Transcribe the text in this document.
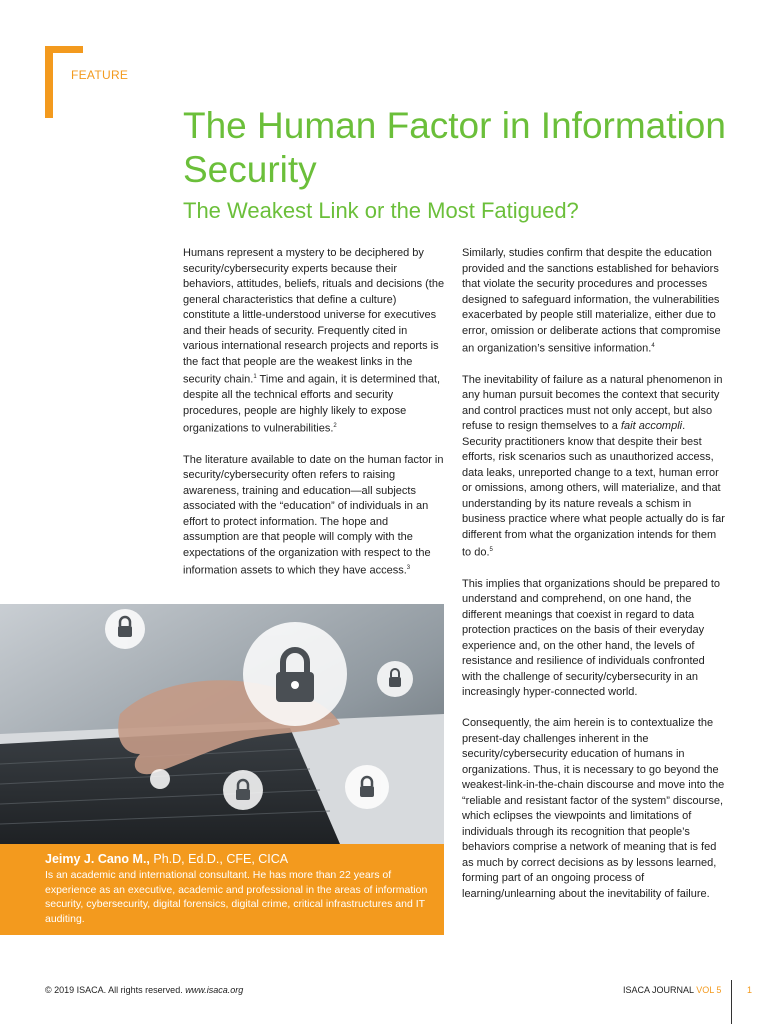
FEATURE
The Human Factor in Information Security
The Weakest Link or the Most Fatigued?

Humans represent a mystery to be deciphered by security/cybersecurity experts because their behaviors, attitudes, beliefs, rituals and decisions (the general characteristics that define a culture) constitute a little-understood universe for executives and their heads of security. Frequently cited in various international research projects and reports is the fact that people are the weakest links in the security chain.$^1$ Time and again, it is determined that, despite all the technical efforts and security procedures, people are highly likely to expose organizations to vulnerabilities.$^2$

The literature available to date on the human factor in security/cybersecurity often refers to raising awareness, training and education—all subjects associated with the “education” of individuals in an effort to protect information. The hope and assumption are that people will comply with the expectations of the organization with respect to the information assets to which they have access.$^3$

Similarly, studies confirm that despite the education provided and the sanctions established for behaviors that violate the security procedures and processes designed to safeguard information, the vulnerabilities exacerbated by people still materialize, either due to error, omission or deliberate actions that compromise an organization’s sensitive information.$^4$

The inevitability of failure as a natural phenomenon in any human pursuit becomes the context that security and control practices must not only accept, but also refuse to resign themselves to a fait accompli. Security practitioners know that despite their best efforts, risk scenarios such as unauthorized access, data leaks, unreported change to a text, human error or omissions, among others, will materialize, and that understanding by its nature reveals a schism in business practice where what people actually do is far different from what the organization intends for them to do.$^5$

This implies that organizations should be prepared to understand and comprehend, on one hand, the different meanings that coexist in regard to data protection practices on the basis of their everyday experience and, on the other hand, the levels of resistance and resilience of individuals confronted with the challenge of security/cybersecurity in an increasingly hyper-connected world.

Consequently, the aim herein is to contextualize the present-day challenges inherent in the security/cybersecurity education of humans in organizations. Thus, it is necessary to go beyond the weakest-link-in-the-chain discourse and move into the “reliable and resistant factor of the system” discourse, which eclipses the viewpoints and limitations of individuals through its recognition that people’s behaviors comprise a network of meaning that is fed as much by correct decisions as by lessons learned, forming part of an ongoing process of learning/unlearning about the inevitability of failure.

Jeimy J. Cano M., Ph.D, Ed.D., CFE, CICA
Is an academic and international consultant. He has more than 22 years of experience as an executive, academic and professional in the areas of information security, cybersecurity, digital forensics, digital crime, critical infrastructures and IT auditing.
© 2019 ISACA. All rights reserved. www.isaca.org	ISACA JOURNAL VOL 5	1
